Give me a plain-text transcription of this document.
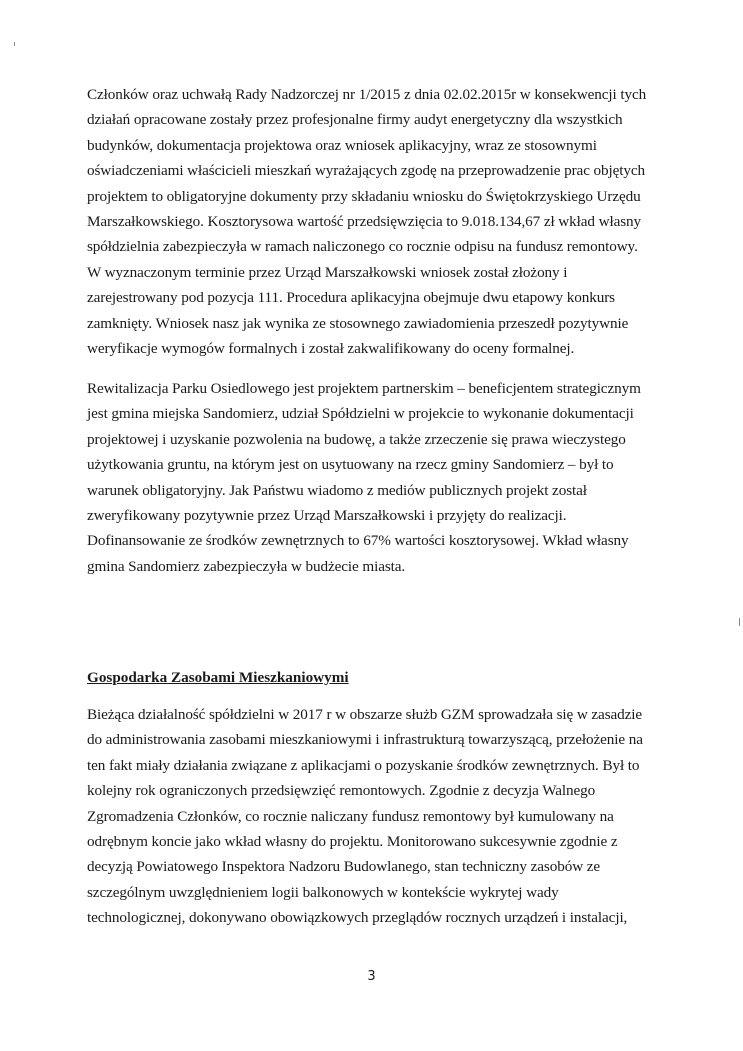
Członków oraz uchwałą Rady Nadzorczej nr 1/2015 z dnia 02.02.2015r w konsekwencji tych
działań opracowane zostały przez profesjonalne firmy audyt energetyczny dla wszystkich
budynków, dokumentacja projektowa oraz wniosek aplikacyjny, wraz ze stosownymi
oświadczeniami właścicieli mieszkań wyrażających zgodę na przeprowadzenie prac objętych
projektem to obligatoryjne dokumenty przy składaniu wniosku do Świętokrzyskiego Urzędu
Marszałkowskiego. Kosztorysowa wartość przedsięwzięcia to 9.018.134,67 zł wkład własny
spółdzielnia zabezpieczyła w ramach naliczonego co rocznie odpisu na fundusz remontowy.
W wyznaczonym terminie przez Urząd Marszałkowski wniosek został złożony i
zarejestrowany pod pozycja 111. Procedura aplikacyjna obejmuje dwu etapowy konkurs
zamknięty. Wniosek nasz jak wynika ze stosownego zawiadomienia przeszedł pozytywnie
weryfikacje wymogów formalnych i został zakwalifikowany do oceny formalnej.
Rewitalizacja Parku Osiedlowego jest projektem partnerskim – beneficjentem strategicznym
jest gmina miejska Sandomierz, udział Spółdzielni w projekcie to wykonanie dokumentacji
projektowej i uzyskanie pozwolenia na budowę, a także zrzeczenie się prawa wieczystego
użytkowania gruntu, na którym jest on usytuowany na rzecz gminy Sandomierz – był to
warunek obligatoryjny. Jak Państwu wiadomo z mediów publicznych projekt został
zweryfikowany pozytywnie przez Urząd Marszałkowski i przyjęty do realizacji.
Dofinansowanie ze środków zewnętrznych to 67% wartości kosztorysowej. Wkład własny
gmina Sandomierz zabezpieczyła w budżecie miasta.
Gospodarka Zasobami Mieszkaniowymi
Bieżąca działalność spółdzielni w 2017 r w obszarze służb GZM sprowadzała się w zasadzie
do administrowania zasobami mieszkaniowymi i infrastrukturą towarzyszącą, przełożenie na
ten fakt miały działania związane z aplikacjami o pozyskanie środków zewnętrznych. Był to
kolejny rok ograniczonych przedsięwzięć remontowych. Zgodnie z decyzja Walnego
Zgromadzenia Członków, co rocznie naliczany fundusz remontowy był kumulowany na
odrębnym koncie jako wkład własny do projektu. Monitorowano sukcesywnie zgodnie z
decyzją Powiatowego Inspektora Nadzoru Budowlanego, stan techniczny zasobów ze
szczególnym uwzględnieniem logii balkonowych w kontekście wykrytej wady
technologicznej, dokonywano obowiązkowych przeglądów rocznych urządzeń i instalacji,

3
